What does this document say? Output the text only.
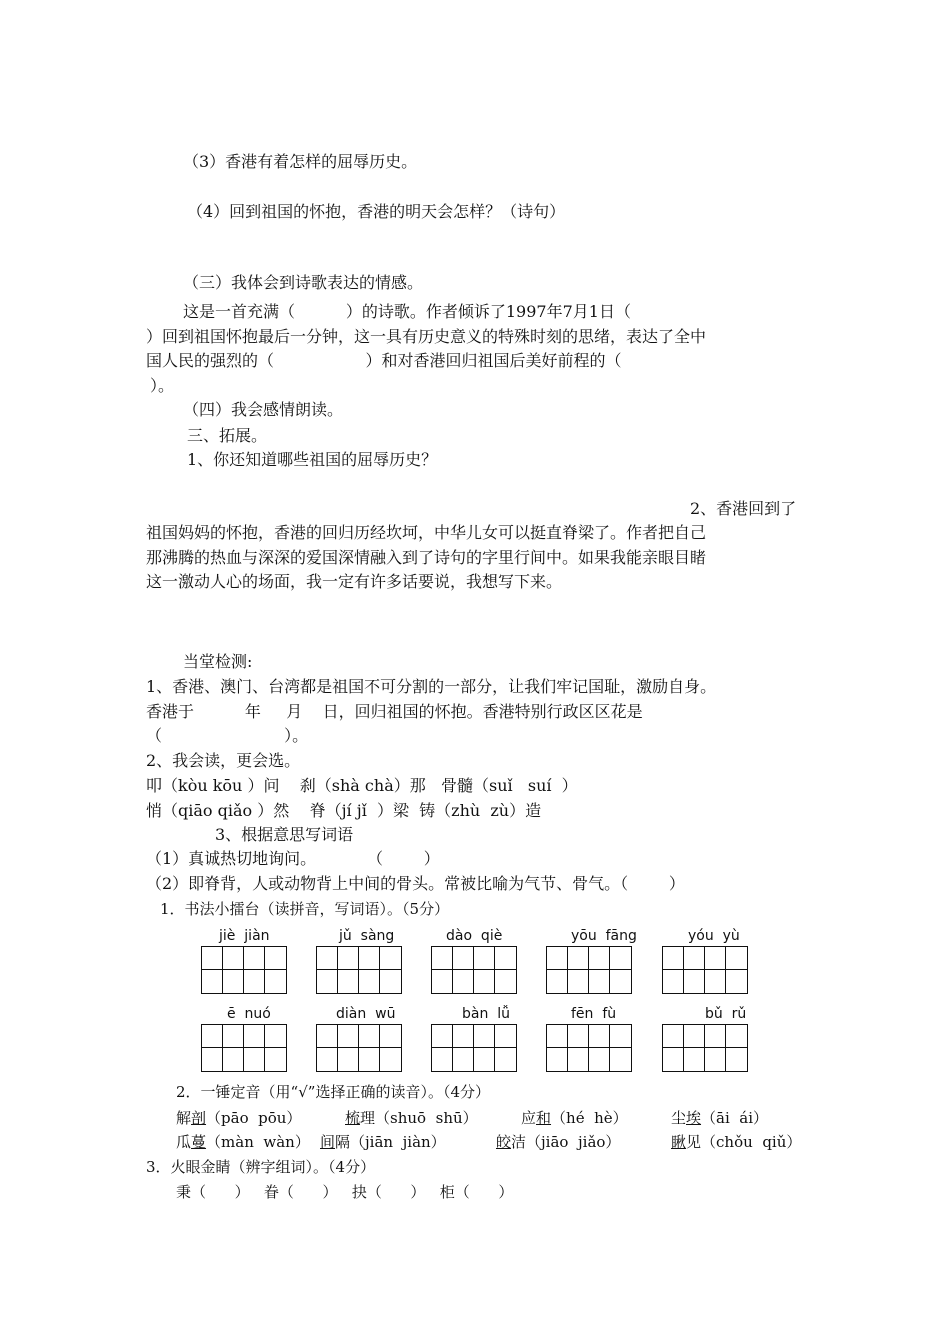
（3）香港有着怎样的屈辱历史。
（4）回到祖国的怀抱，香港的明天会怎样？（诗句）
（三）我体会到诗歌表达的情感。
这是一首充满（          ）的诗歌。作者倾诉了1997年7月1日（
）回到祖国怀抱最后一分钟，这一具有历史意义的特殊时刻的思绪，表达了全中
国人民的强烈的（                  ）和对香港回归祖国后美好前程的（
）。
（四）我会感情朗读。
三、拓展。
1、你还知道哪些祖国的屈辱历史？
2、香港回到了
祖国妈妈的怀抱，香港的回归历经坎坷，中华儿女可以挺直脊梁了。作者把自己
那沸腾的热血与深深的爱国深情融入到了诗句的字里行间中。如果我能亲眼目睹
这一激动人心的场面，我一定有许多话要说，我想写下来。
当堂检测:
1、香港、澳门、台湾都是祖国不可分割的一部分，让我们牢记国耻，激励自身。
香港于          年     月    日，回归祖国的怀抱。香港特别行政区区花是
（                        ）。
2、我会读，更会选。
叩（kòu kōu ）问    刹（shà chà）那   骨髓（suǐ   suí  ）
悄（qiāo qiǎo ）然    脊（jí jǐ  ）梁  铸（zhù  zù）造
3、根据意思写词语
（1）真诚热切地询问。          （        ）
（2）即脊背，人或动物背上中间的骨头。常被比喻为气节、骨气。（        ）
1．书法小擂台（读拼音，写词语）。（5分）
jiè  jiàn	jǔ  sàng	dào  qiè	yōu  fāng	yóu  yù
ē  nuó	diàn  wū	bàn  lǚ	fēn  fù	bǔ  rǔ
2．一锤定音（用“√”选择正确的读音）。（4分）
解剖（pāo  pōu）	梳理（shuō  shū）	应和（hé  hè）	尘埃（āi  ái）
瓜蔓（màn  wàn） 间隔（jiān  jiàn）	皎洁（jiāo  jiǎo）	瞅见（chǒu  qiǔ）
3．火眼金睛（辨字组词）。（4分）
秉（      ）   眷（      ）   抉（      ）   柜（      ）
